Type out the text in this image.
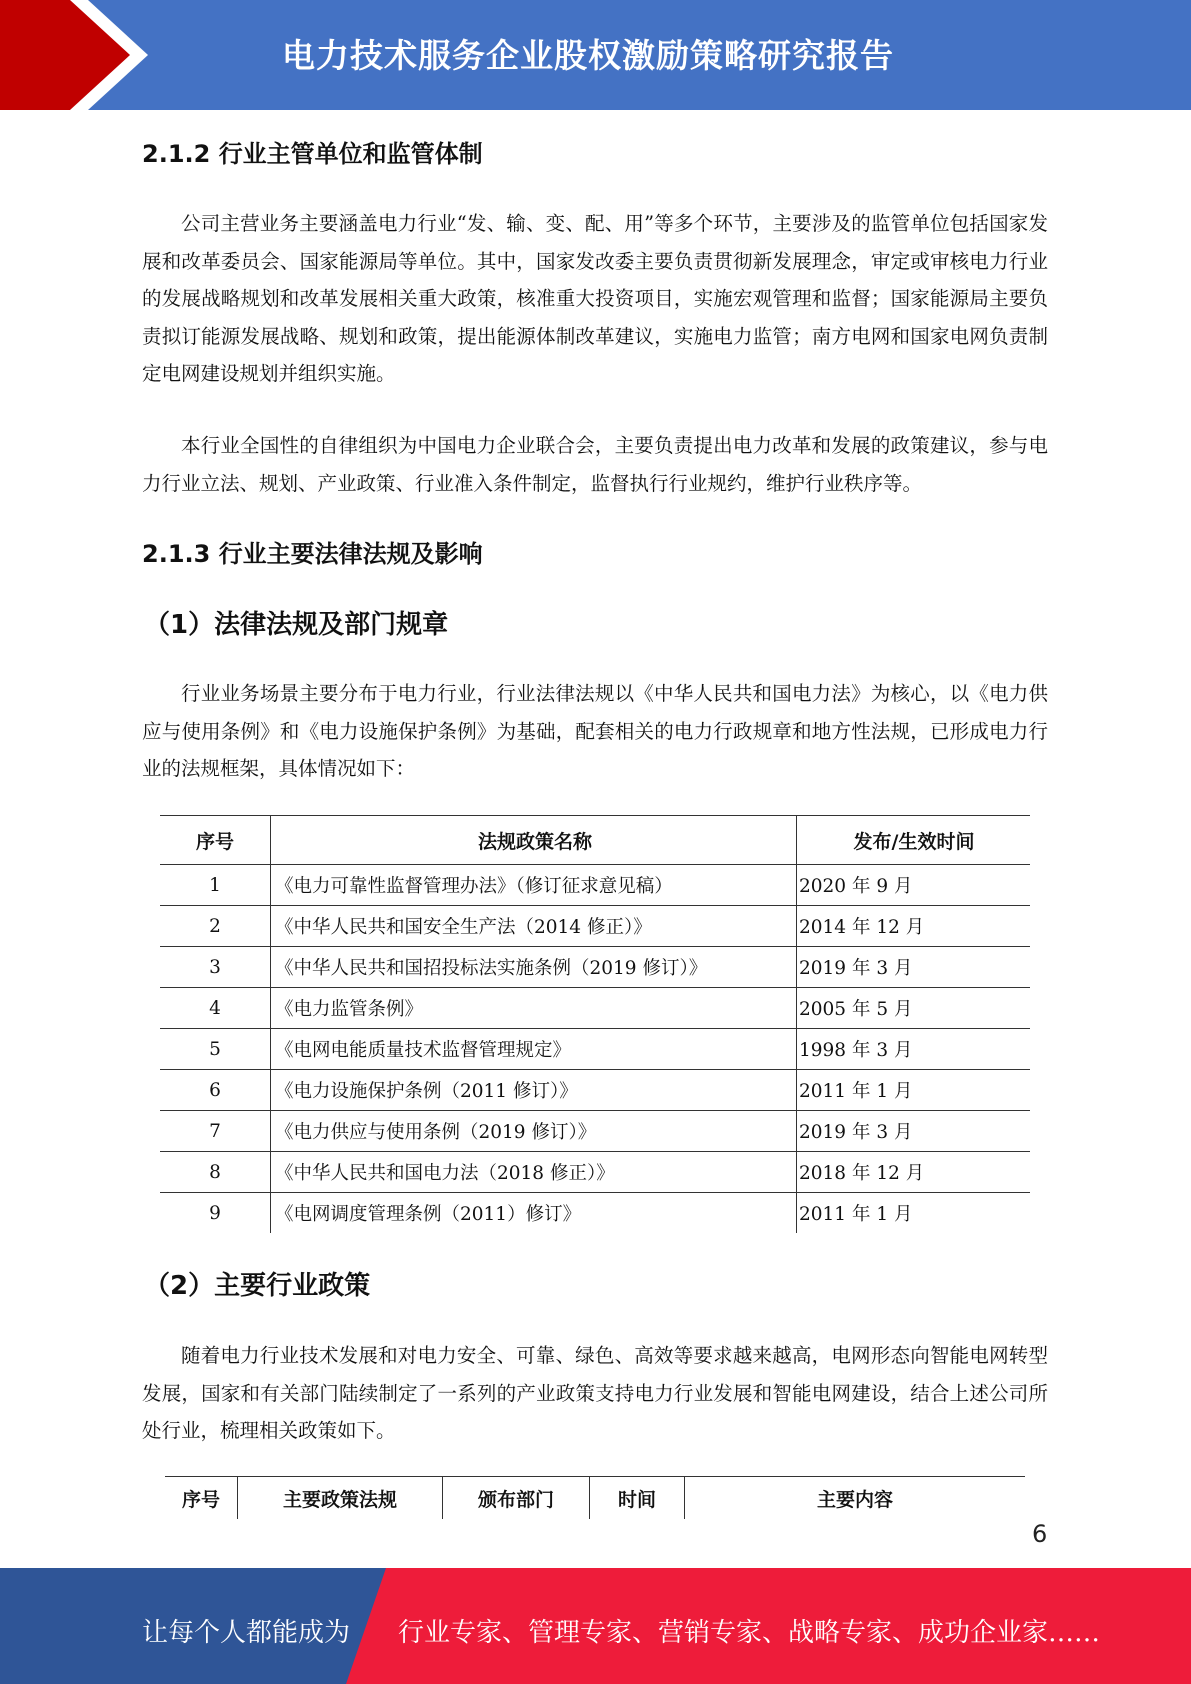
电力技术服务企业股权激励策略研究报告
2.1.2 行业主管单位和监管体制

公司主营业务主要涵盖电力行业“发、输、变、配、用”等多个环节，主要涉及的监管单位包括国家发展和改革委员会、国家能源局等单位。其中，国家发改委主要负责贯彻新发展理念，审定或审核电力行业的发展战略规划和改革发展相关重大政策，核准重大投资项目，实施宏观管理和监督；国家能源局主要负责拟订能源发展战略、规划和政策，提出能源体制改革建议，实施电力监管；南方电网和国家电网负责制定电网建设规划并组织实施。

本行业全国性的自律组织为中国电力企业联合会，主要负责提出电力改革和发展的政策建议，参与电力行业立法、规划、产业政策、行业准入条件制定，监督执行行业规约，维护行业秩序等。

2.1.3 行业主要法律法规及影响
（1）法律法规及部门规章

行业业务场景主要分布于电力行业，行业法律法规以《中华人民共和国电力法》为核心，以《电力供应与使用条例》和《电力设施保护条例》为基础，配套相关的电力行政规章和地方性法规，已形成电力行业的法规框架，具体情况如下：

序号	法规政策名称	发布/生效时间
1	《电力可靠性监督管理办法》（修订征求意见稿）	2020 年 9 月
2	《中华人民共和国安全生产法（2014 修正）》	2014 年 12 月
3	《中华人民共和国招投标法实施条例（2019 修订）》	2019 年 3 月
4	《电力监管条例》	2005 年 5 月
5	《电网电能质量技术监督管理规定》	1998 年 3 月
6	《电力设施保护条例（2011 修订）》	2011 年 1 月
7	《电力供应与使用条例（2019 修订）》	2019 年 3 月
8	《中华人民共和国电力法（2018 修正）》	2018 年 12 月
9	《电网调度管理条例（2011）修订》	2011 年 1 月
（2）主要行业政策

随着电力行业技术发展和对电力安全、可靠、绿色、高效等要求越来越高，电网形态向智能电网转型发展，国家和有关部门陆续制定了一系列的产业政策支持电力行业发展和智能电网建设，结合上述公司所处行业，梳理相关政策如下。

序号	主要政策法规	颁布部门	时间	主要内容
6
让每个人都能成为 行业专家、管理专家、营销专家、战略专家、成功企业家……
